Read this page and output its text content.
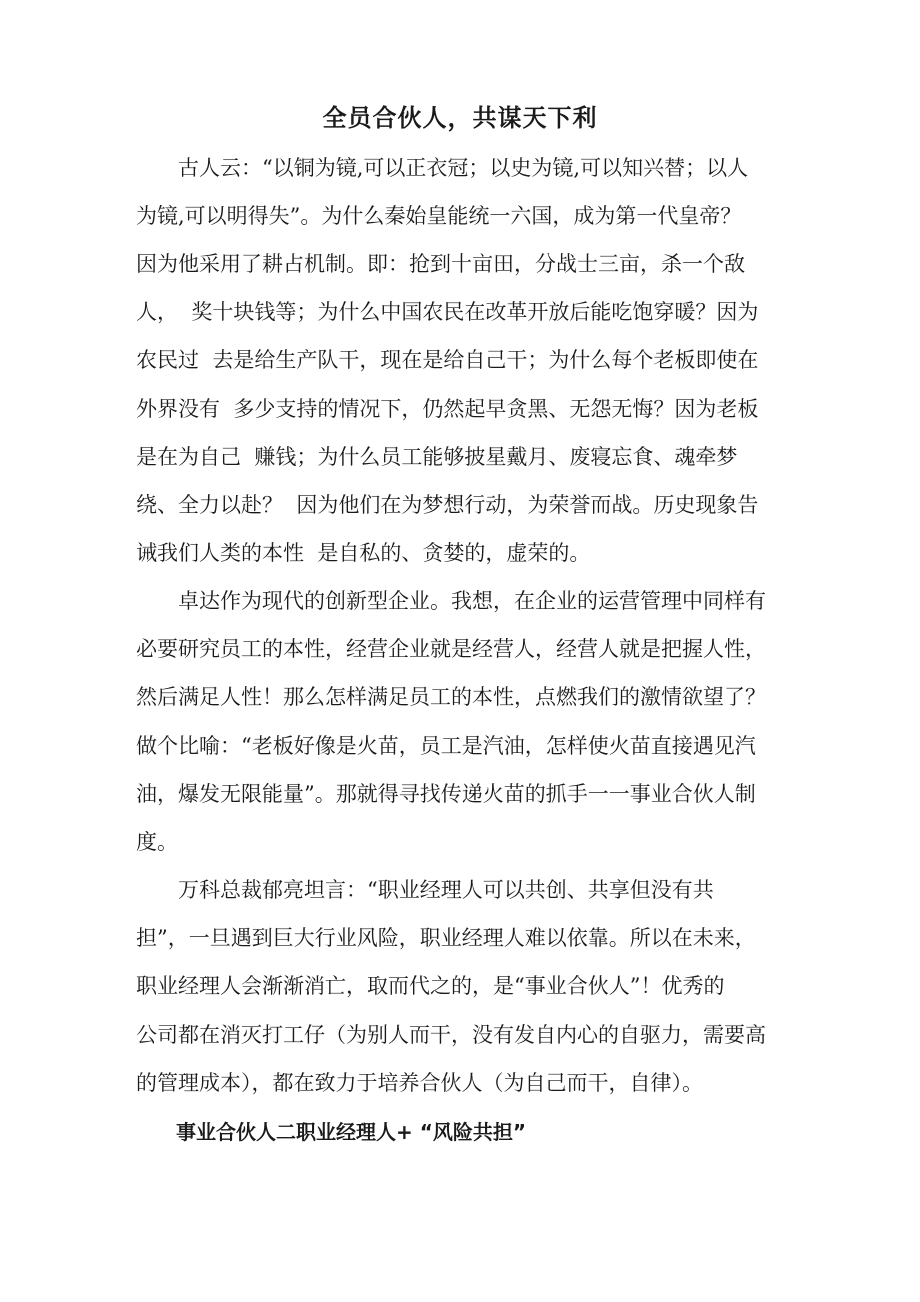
全员合伙人，共谋天下利
　　古人云：“以铜为镜,可以正衣冠；以史为镜,可以知兴替；以人
为镜,可以明得失”。为什么秦始皇能统一六国，成为第一代皇帝？
因为他采用了耕占机制。即：抢到十亩田，分战士三亩，杀一个敌
人，  奖十块钱等；为什么中国农民在改革开放后能吃饱穿暖？因为
农民过  去是给生产队干，现在是给自己干；为什么每个老板即使在
外界没有  多少支持的情况下，仍然起早贪黑、无怨无悔？因为老板
是在为自己  赚钱；为什么员工能够披星戴月、废寝忘食、魂牵梦
绕、全力以赴？  因为他们在为梦想行动，为荣誉而战。历史现象告
诫我们人类的本性  是自私的、贪婪的，虚荣的。
　　卓达作为现代的创新型企业。我想，在企业的运营管理中同样有
必要研究员工的本性，经营企业就是经营人，经营人就是把握人性，
然后满足人性！那么怎样满足员工的本性，点燃我们的激情欲望了？
做个比喻：“老板好像是火苗，员工是汽油，怎样使火苗直接遇见汽
油，爆发无限能量”。那就得寻找传递火苗的抓手一一事业合伙人制
度。
　　万科总裁郁亮坦言：“职业经理人可以共创、共享但没有共
担”，一旦遇到巨大行业风险，职业经理人难以依靠。所以在未来，
职业经理人会渐渐消亡，取而代之的，是“事业合伙人”！优秀的
公司都在消灭打工仔（为别人而干，没有发自内心的自驱力，需要高
的管理成本），都在致力于培养合伙人（为自己而干，自律）。
　　事业合伙人二职业经理人+ “风险共担”
